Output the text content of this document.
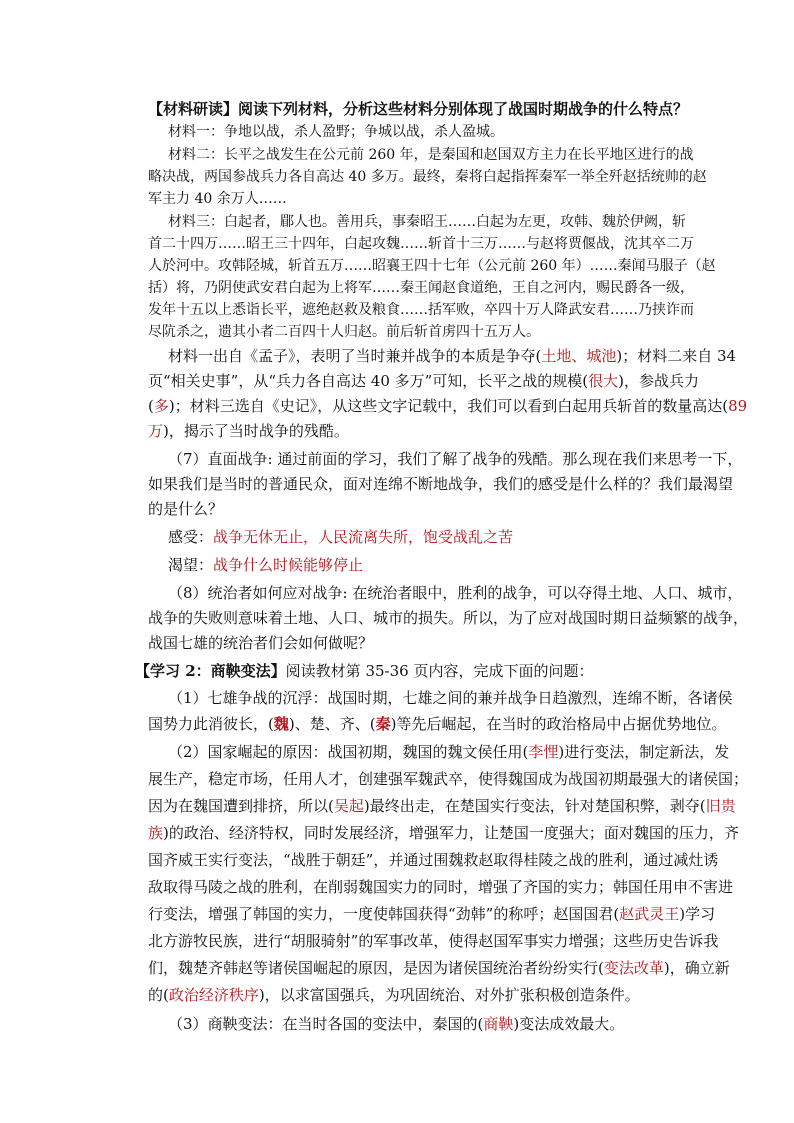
【材料研读】阅读下列材料，分析这些材料分别体现了战国时期战争的什么特点？
材料一：争地以战，杀人盈野；争城以战，杀人盈城。
材料二：长平之战发生在公元前 260 年，是秦国和赵国双方主力在长平地区进行的战
略决战，两国参战兵力各自高达 40 多万。最终，秦将白起指挥秦军一举全歼赵括统帅的赵
军主力 40 余万人……
材料三：白起者，郿人也。善用兵，事秦昭王……白起为左更，攻韩、魏於伊阙，斩
首二十四万……昭王三十四年，白起攻魏……斩首十三万……与赵将贾偃战，沈其卒二万
人於河中。攻韩陉城，斩首五万……昭襄王四十七年（公元前 260 年）……秦闻马服子（赵
括）将，乃阴使武安君白起为上将军……秦王闻赵食道绝，王自之河内，赐民爵各一级，
发年十五以上悉诣长平，遮绝赵救及粮食……括军败，卒四十万人降武安君……乃挟诈而
尽阬杀之，遗其小者二百四十人归赵。前后斩首虏四十五万人。
材料一出自《孟子》，表明了当时兼并战争的本质是争夺(土地、城池)；材料二来自 34
页“相关史事”，从“兵力各自高达 40 多万”可知，长平之战的规模(很大)，参战兵力
(多)；材料三选自《史记》，从这些文字记载中，我们可以看到白起用兵斩首的数量高达(89
万)，揭示了当时战争的残酷。
（7）直面战争: 通过前面的学习，我们了解了战争的残酷。那么现在我们来思考一下，
如果我们是当时的普通民众，面对连绵不断地战争，我们的感受是什么样的？我们最渴望
的是什么？
感受：战争无休无止，人民流离失所，饱受战乱之苦
渴望：战争什么时候能够停止
（8）统治者如何应对战争: 在统治者眼中，胜利的战争，可以夺得土地、人口、城市，
战争的失败则意味着土地、人口、城市的损失。所以，为了应对战国时期日益频繁的战争，
战国七雄的统治者们会如何做呢？
【学习 2：商鞅变法】阅读教材第 35-36 页内容，完成下面的问题：
（1）七雄争战的沉浮：战国时期，七雄之间的兼并战争日趋激烈，连绵不断，各诸侯
国势力此消彼长，(魏)、楚、齐、(秦)等先后崛起，在当时的政治格局中占据优势地位。
（2）国家崛起的原因：战国初期，魏国的魏文侯任用(李悝)进行变法，制定新法，发
展生产，稳定市场，任用人才，创建强军魏武卒，使得魏国成为战国初期最强大的诸侯国；
因为在魏国遭到排挤，所以(吴起)最终出走，在楚国实行变法，针对楚国积弊，剥夺(旧贵
族)的政治、经济特权，同时发展经济，增强军力，让楚国一度强大；面对魏国的压力，齐
国齐威王实行变法，“战胜于朝廷”，并通过围魏救赵取得桂陵之战的胜利，通过减灶诱
敌取得马陵之战的胜利，在削弱魏国实力的同时，增强了齐国的实力；韩国任用申不害进
行变法，增强了韩国的实力，一度使韩国获得“劲韩”的称呼；赵国国君(赵武灵王)学习
北方游牧民族，进行“胡服骑射”的军事改革，使得赵国军事实力增强；这些历史告诉我
们，魏楚齐韩赵等诸侯国崛起的原因，是因为诸侯国统治者纷纷实行(变法改革)，确立新
的(政治经济秩序)，以求富国强兵，为巩固统治、对外扩张积极创造条件。
（3）商鞅变法：在当时各国的变法中，秦国的(商鞅)变法成效最大。
